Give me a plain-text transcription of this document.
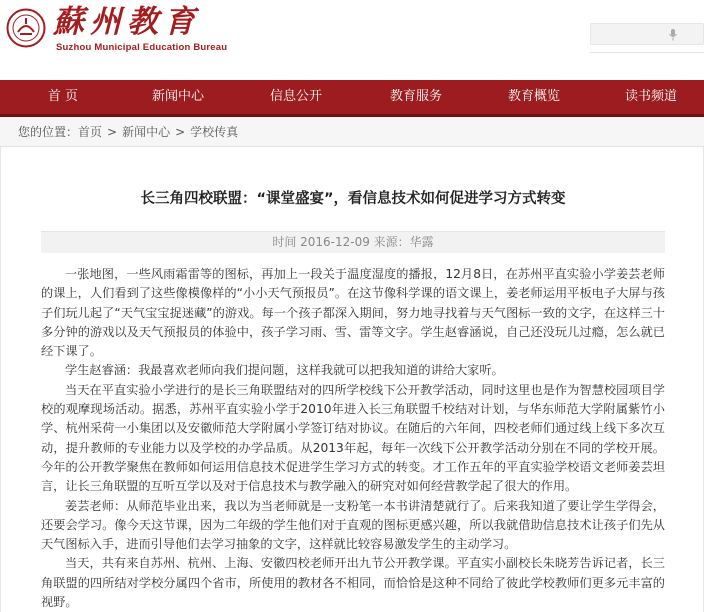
蘇州教育
Suzhou Municipal Education Bureau
首 页	新闻中心	信息公开	教育服务	教育概览	读书频道
您的位置：首页 > 新闻中心 > 学校传真
长三角四校联盟：“课堂盛宴”，看信息技术如何促进学习方式转变
时间 2016-12-09 来源：华露

一张地图，一些风雨霜雷等的图标，再加上一段关于温度湿度的播报，12月8日，在苏州平直实验小学姜芸老师的课上，人们看到了这些像模像样的“小小天气预报员”。在这节像科学课的语文课上，姜老师运用平板电子大屏与孩子们玩儿起了“天气宝宝捉迷藏”的游戏。每一个孩子都深入期间，努力地寻找着与天气图标一致的文字，在这样三十多分钟的游戏以及天气预报员的体验中，孩子学习雨、雪、雷等文字。学生赵睿涵说，自己还没玩儿过瘾，怎么就已经下课了。

学生赵睿涵：我最喜欢老师向我们提问题，这样我就可以把我知道的讲给大家听。

当天在平直实验小学进行的是长三角联盟结对的四所学校线下公开教学活动，同时这里也是作为智慧校园项目学校的观摩现场活动。据悉，苏州平直实验小学于2010年进入长三角联盟千校结对计划，与华东师范大学附属紫竹小学、杭州采荷一小集团以及安徽师范大学附属小学签订结对协议。在随后的六年间，四校老师们通过线上线下多次互动，提升教师的专业能力以及学校的办学品质。从2013年起，每年一次线下公开教学活动分别在不同的学校开展。今年的公开教学聚焦在教师如何运用信息技术促进学生学习方式的转变。才工作五年的平直实验学校语文老师姜芸坦言，让长三角联盟的互听互学以及对于信息技术与教学融入的研究对如何经营教学起了很大的作用。

姜芸老师：从师范毕业出来，我以为当老师就是一支粉笔一本书讲清楚就行了。后来我知道了要让学生学得会，还要会学习。像今天这节课，因为二年级的学生他们对于直观的图标更感兴趣，所以我就借助信息技术让孩子们先从天气图标入手，进而引导他们去学习抽象的文字，这样就比较容易激发学生的主动学习。

当天，共有来自苏州、杭州、上海、安徽四校老师开出九节公开教学课。平直实小副校长朱晓芳告诉记者，长三角联盟的四所结对学校分属四个省市，所使用的教材各不相同，而恰恰是这种不同给了彼此学校教师们更多元丰富的视野。
